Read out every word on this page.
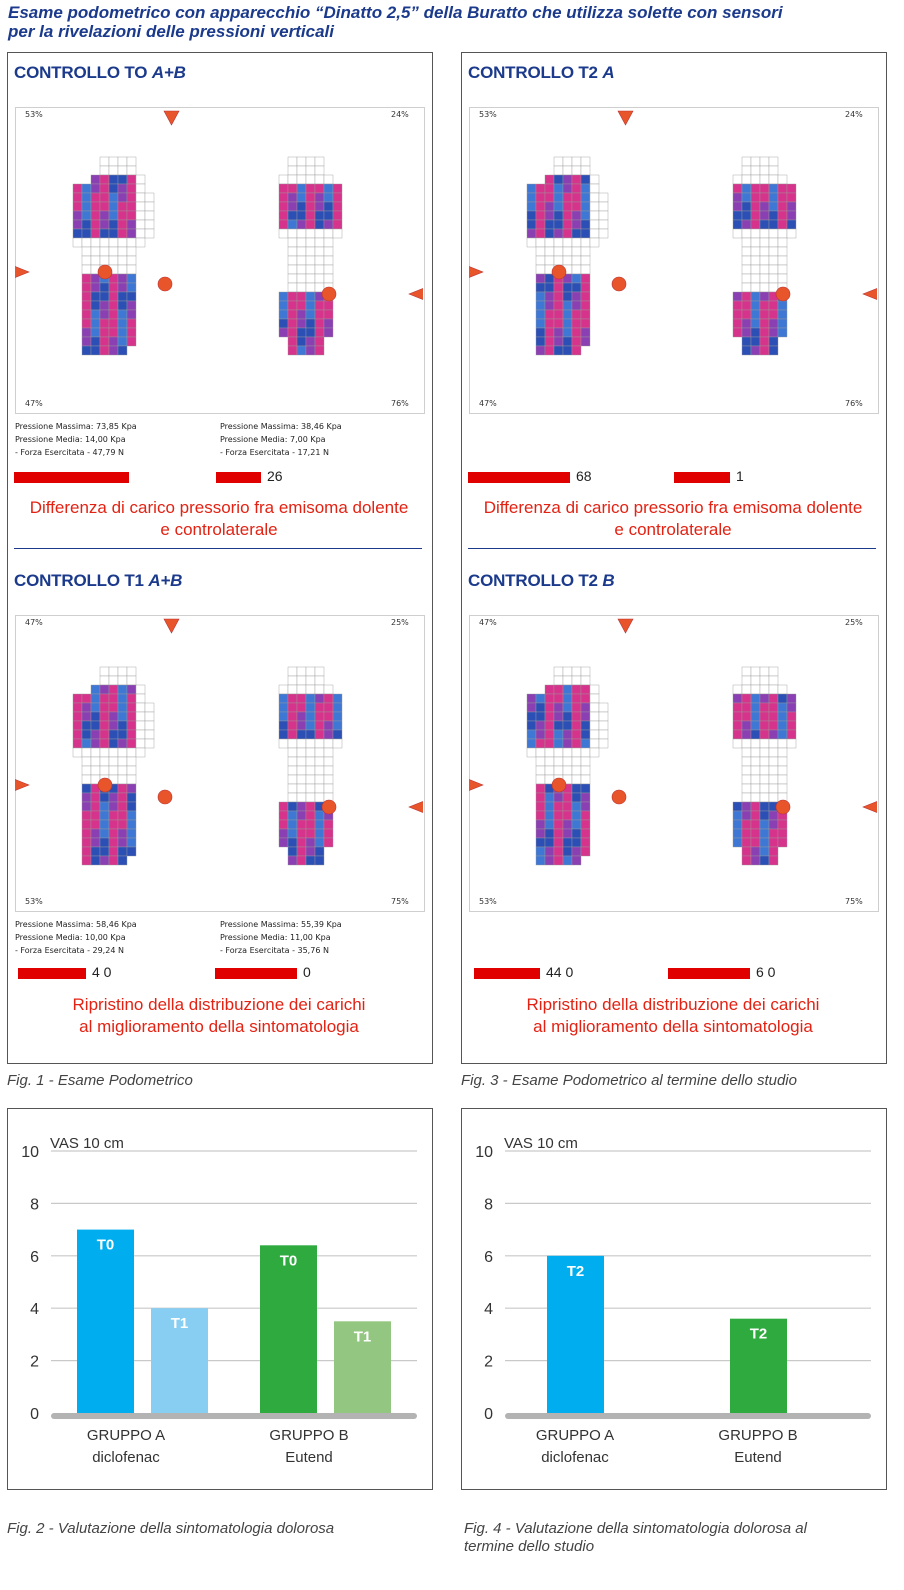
Esame podometrico con apparecchio “Dinatto 2,5” della Buratto che utilizza solette con sensori
per la rivelazioni delle pressioni verticali
CONTROLLO TO A+B
53%	24%
47%	76%
Pressione Massima: 73,85 Kpa
Pressione Media: 14,00 Kpa
- Forza Esercitata - 47,79 N
Pressione Massima: 38,46 Kpa
Pressione Media: 7,00 Kpa
- Forza Esercitata - 17,21 N
26
Differenza di carico pressorio fra emisoma dolente
e controlaterale
CONTROLLO T2 A
53%	24%
47%	76%
68	1
Differenza di carico pressorio fra emisoma dolente
e controlaterale
CONTROLLO T1 A+B
47%	25%
53%	75%
Pressione Massima: 58,46 Kpa
Pressione Media: 10,00 Kpa
- Forza Esercitata - 29,24 N
Pressione Massima: 55,39 Kpa
Pressione Media: 11,00 Kpa
- Forza Esercitata - 35,76 N
4 0	0
Ripristino della distribuzione dei carichi
al miglioramento della sintomatologia
CONTROLLO T2 B
47%	25%
53%	75%
44 0	6 0
Ripristino della distribuzione dei carichi
al miglioramento della sintomatologia
Fig. 1 - Esame Podometrico	Fig. 3 - Esame Podometrico al termine dello studio
0
2
4
6
8
10
VAS 10 cm
T0
T1
T0
T1
GRUPPO A
diclofenac
GRUPPO B
Eutend
0
2
4
6
8
10
VAS 10 cm
T2
T2
GRUPPO A
diclofenac
GRUPPO B
Eutend
Fig. 2 - Valutazione della sintomatologia dolorosa	Fig. 4 - Valutazione della sintomatologia dolorosa al
termine dello studio
